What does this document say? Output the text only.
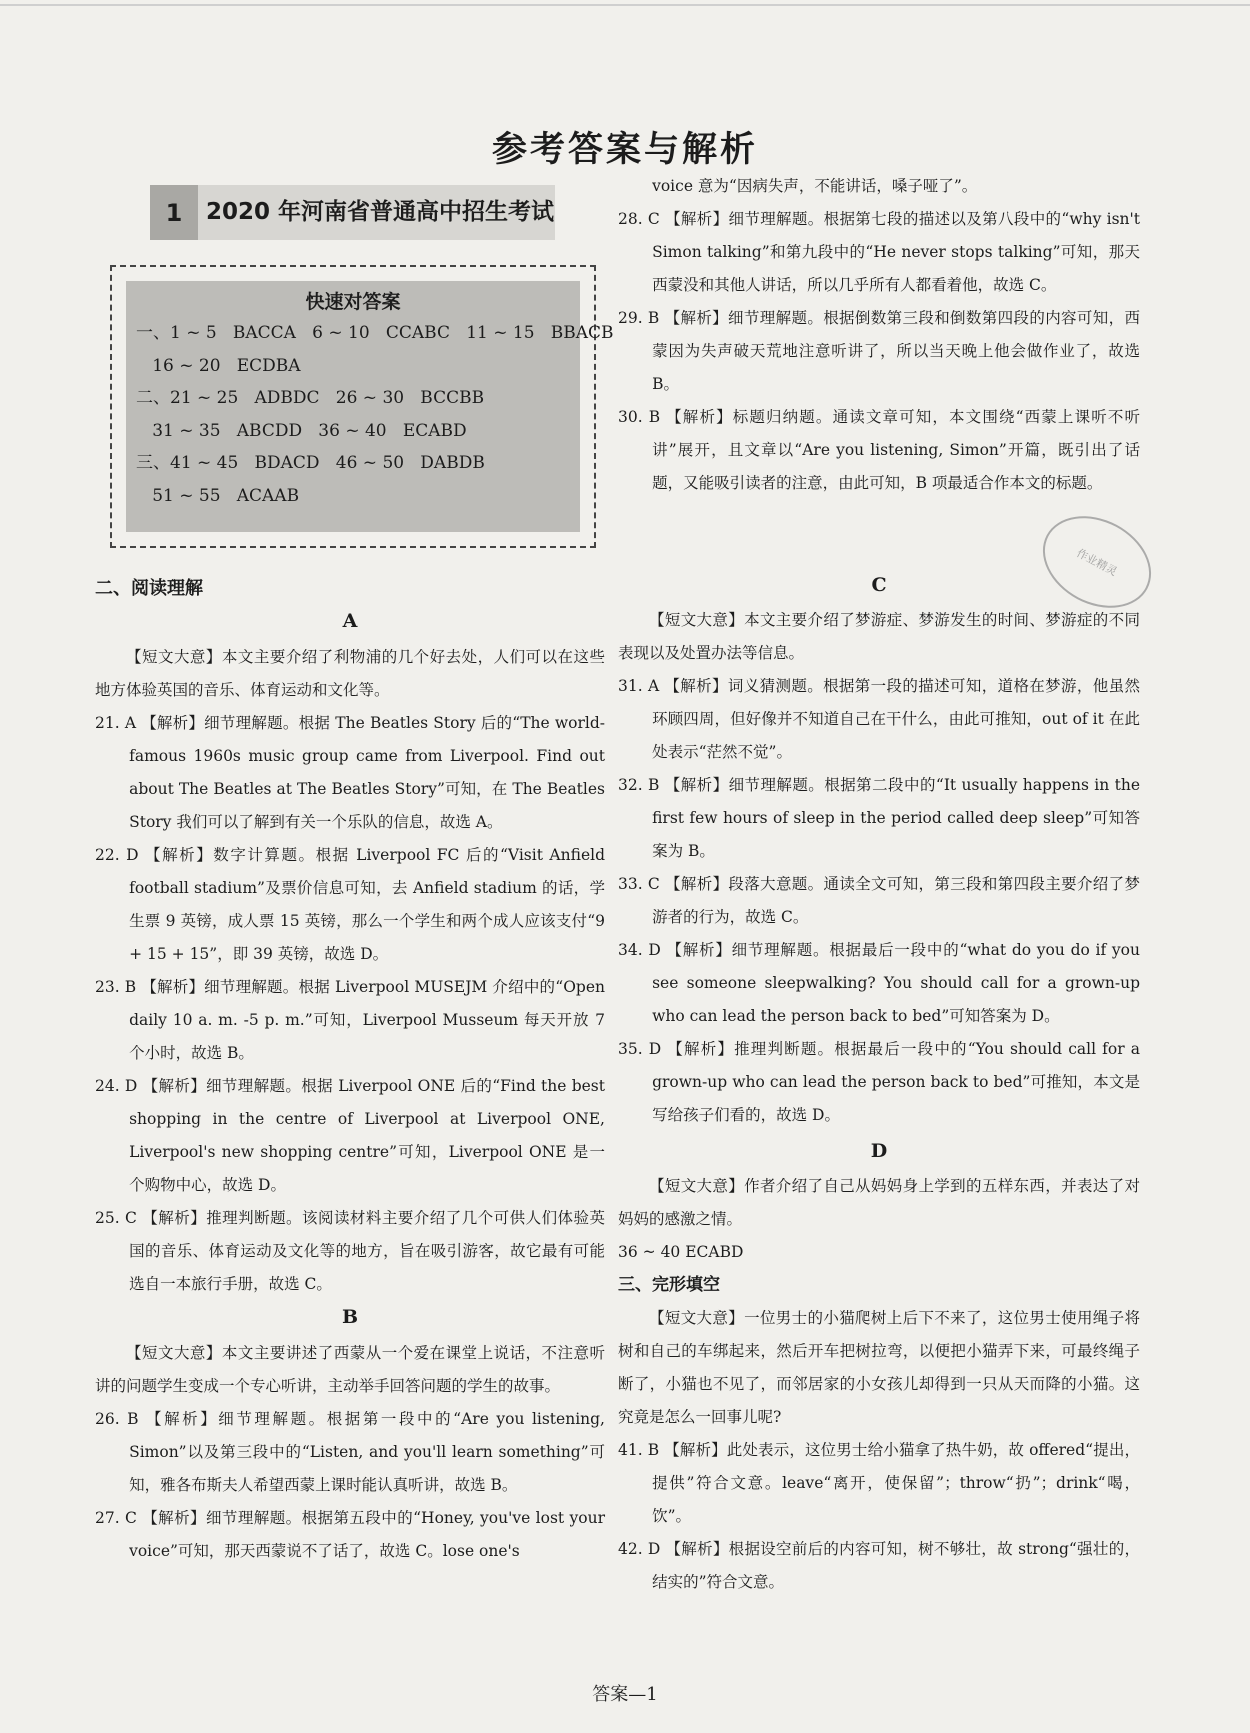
参考答案与解析
1	2020 年河南省普通高中招生考试
快速对答案
一、1 ~ 5   BACCA   6 ~ 10   CCABC   11 ~ 15   BBACB
16 ~ 20   ECDBA
二、21 ~ 25   ADBDC   26 ~ 30   BCCBB
31 ~ 35   ABCDD   36 ~ 40   ECABD
三、41 ~ 45   BDACD   46 ~ 50   DABDB
51 ~ 55   ACAAB
二、阅读理解
A

【短文大意】本文主要介绍了利物浦的几个好去处，人们可以在这些地方体验英国的音乐、体育运动和文化等。

21. A 【解析】细节理解题。根据 The Beatles Story 后的“The world-famous 1960s music group came from Liverpool. Find out about The Beatles at The Beatles Story”可知，在 The Beatles Story 我们可以了解到有关一个乐队的信息，故选 A。

22. D 【解析】数字计算题。根据 Liverpool FC 后的“Visit Anfield football stadium”及票价信息可知，去 Anfield stadium 的话，学生票 9 英镑，成人票 15 英镑，那么一个学生和两个成人应该支付“9 + 15 + 15”，即 39 英镑，故选 D。

23. B 【解析】细节理解题。根据 Liverpool MUSEJM 介绍中的“Open daily 10 a. m. -5 p. m.”可知，Liverpool Musseum 每天开放 7 个小时，故选 B。

24. D 【解析】细节理解题。根据 Liverpool ONE 后的“Find the best shopping in the centre of Liverpool at Liverpool ONE, Liverpool's new shopping centre”可知，Liverpool ONE 是一个购物中心，故选 D。

25. C 【解析】推理判断题。该阅读材料主要介绍了几个可供人们体验英国的音乐、体育运动及文化等的地方，旨在吸引游客，故它最有可能选自一本旅行手册，故选 C。

B

【短文大意】本文主要讲述了西蒙从一个爱在课堂上说话，不注意听讲的问题学生变成一个专心听讲，主动举手回答问题的学生的故事。

26. B 【解析】细节理解题。根据第一段中的“Are you listening, Simon”以及第三段中的“Listen, and you'll learn something”可知，雅各布斯夫人希望西蒙上课时能认真听讲，故选 B。

27. C 【解析】细节理解题。根据第五段中的“Honey, you've lost your voice”可知，那天西蒙说不了话了，故选 C。lose one's

voice 意为“因病失声，不能讲话，嗓子哑了”。

28. C 【解析】细节理解题。根据第七段的描述以及第八段中的“why isn't Simon talking”和第九段中的“He never stops talking”可知，那天西蒙没和其他人讲话，所以几乎所有人都看着他，故选 C。

29. B 【解析】细节理解题。根据倒数第三段和倒数第四段的内容可知，西蒙因为失声破天荒地注意听讲了，所以当天晚上他会做作业了，故选 B。

30. B 【解析】标题归纳题。通读文章可知，本文围绕“西蒙上课听不听讲”展开，且文章以“Are you listening, Simon”开篇，既引出了话题，又能吸引读者的注意，由此可知，B 项最适合作本文的标题。

C

【短文大意】本文主要介绍了梦游症、梦游发生的时间、梦游症的不同表现以及处置办法等信息。

31. A 【解析】词义猜测题。根据第一段的描述可知，道格在梦游，他虽然环顾四周，但好像并不知道自己在干什么，由此可推知，out of it 在此处表示“茫然不觉”。

32. B 【解析】细节理解题。根据第二段中的“It usually happens in the first few hours of sleep in the period called deep sleep”可知答案为 B。

33. C 【解析】段落大意题。通读全文可知，第三段和第四段主要介绍了梦游者的行为，故选 C。

34. D 【解析】细节理解题。根据最后一段中的“what do you do if you see someone sleepwalking? You should call for a grown-up who can lead the person back to bed”可知答案为 D。

35. D 【解析】推理判断题。根据最后一段中的“You should call for a grown-up who can lead the person back to bed”可推知，本文是写给孩子们看的，故选 D。

D

【短文大意】作者介绍了自己从妈妈身上学到的五样东西，并表达了对妈妈的感激之情。

36 ~ 40 ECABD

三、完形填空

【短文大意】一位男士的小猫爬树上后下不来了，这位男士使用绳子将树和自己的车绑起来，然后开车把树拉弯，以便把小猫弄下来，可最终绳子断了，小猫也不见了，而邻居家的小女孩儿却得到一只从天而降的小猫。这究竟是怎么一回事儿呢?

41. B 【解析】此处表示，这位男士给小猫拿了热牛奶，故 offered“提出，提供”符合文意。leave“离开，使保留”；throw“扔”；drink“喝，饮”。

42. D 【解析】根据设空前后的内容可知，树不够壮，故 strong“强壮的，结实的”符合文意。

作业精灵
答案—1
